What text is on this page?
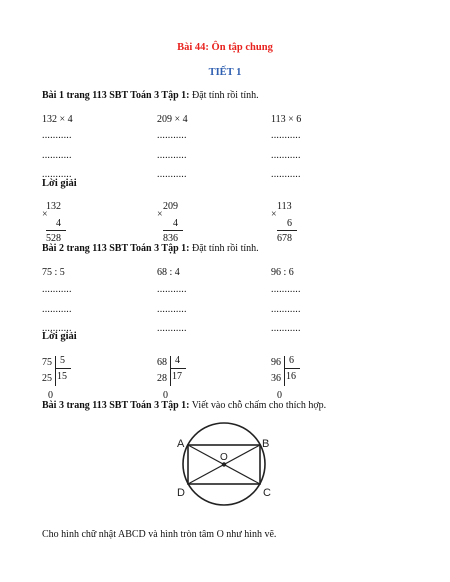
Bài 44: Ôn tập chung
TIẾT 1
Bài 1 trang 113 SBT Toán 3 Tập 1: Đặt tính rồi tính.
132 × 4	209 × 4	113 × 6
...........	...........	...........
...........	...........	...........
...........	...........	...........
Lời giải
132
×
4
528
209
×
4
836
113
×
6
678
Bài 2 trang 113 SBT Toán 3 Tập 1: Đặt tính rồi tính.
75 : 5	68 : 4	96 : 6
...........	...........	...........
...........	...........	...........
...........	...........	...........
Lời giải
75 5
15
25
0
68 4
17
28
0
96 6
16
36
0
Bài 3 trang 113 SBT Toán 3 Tập 1: Viết vào chỗ chấm cho thích hợp.
A	B
C
D
O
Cho hình chữ nhật ABCD và hình tròn tâm O như hình vẽ.
